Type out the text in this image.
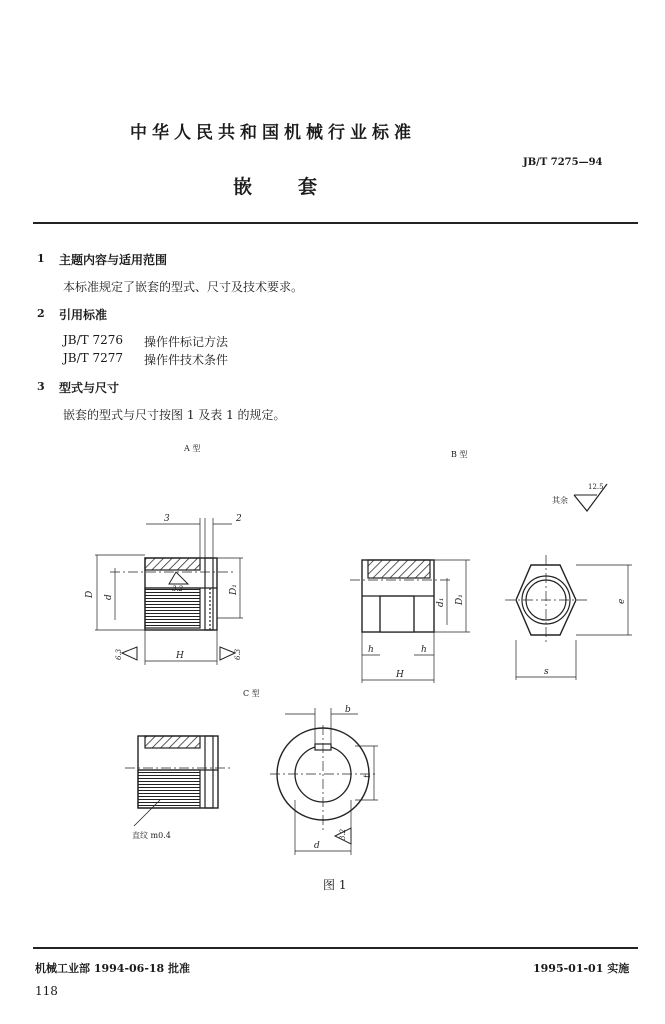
中华人民共和国机械行业标准
JB/T 7275—94
嵌套
1 主题内容与适用范围
本标准规定了嵌套的型式、尺寸及技术要求。
2 引用标准
JB/T 7276 操作件标记方法
JB/T 7277 操作件技术条件
3 型式与尺寸
嵌套的型式与尺寸按图 1 及表 1 的规定。
A 型
B 型
C 型
其余
3	2
D d
D₁
H
3.2
6.3	6.3
d₁ D₁
H
h	h
e
s
12.5
b
t
d
3.2
直纹 m0.4
图 1
机械工业部 1994-06-18 批准	1995-01-01 实施
118
